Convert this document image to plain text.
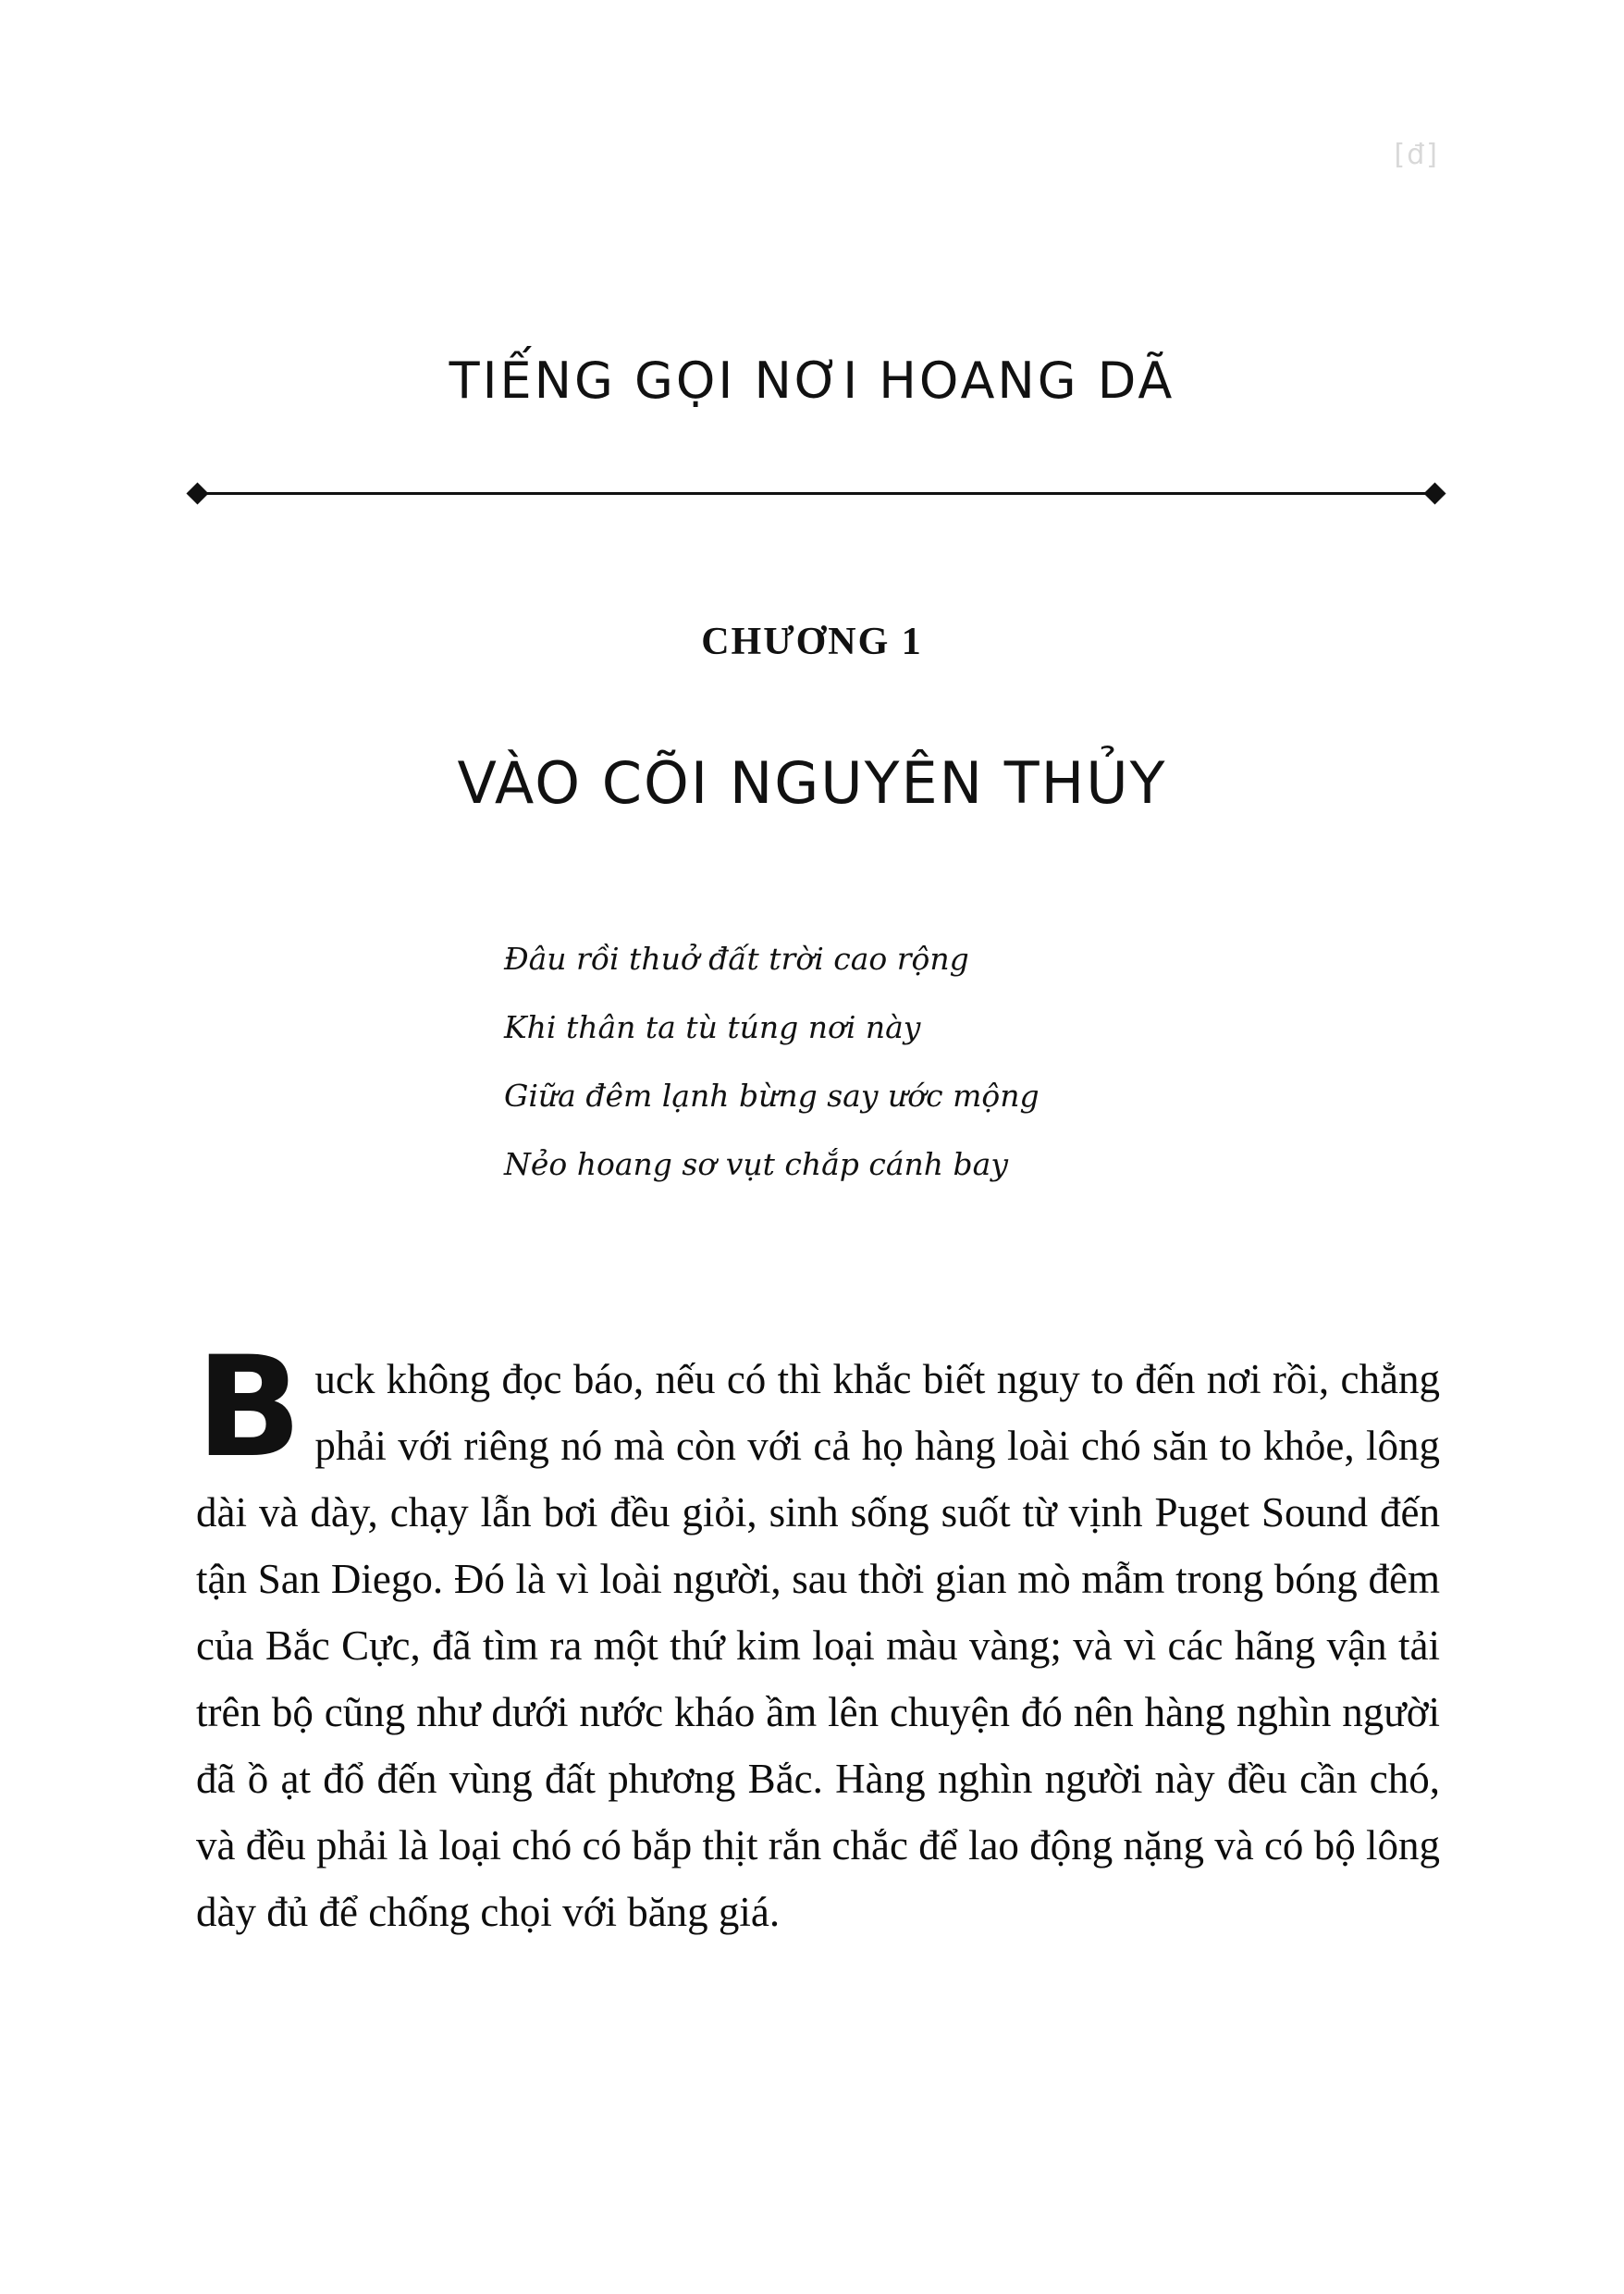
[đ]
TIẾNG GỌI NƠI HOANG DÃ
CHƯƠNG 1
VÀO CÕI NGUYÊN THỦY
Đâu rồi thuở đất trời cao rộng
Khi thân ta tù túng nơi này
Giữa đêm lạnh bừng say ước mộng
Nẻo hoang sơ vụt chắp cánh bay

Buck không đọc báo, nếu có thì khắc biết nguy to đến nơi rồi, chẳng phải với riêng nó mà còn với cả họ hàng loài chó săn to khỏe, lông dài và dày, chạy lẫn bơi đều giỏi, sinh sống suốt từ vịnh Puget Sound đến tận San Diego. Đó là vì loài người, sau thời gian mò mẫm trong bóng đêm của Bắc Cực, đã tìm ra một thứ kim loại màu vàng; và vì các hãng vận tải trên bộ cũng như dưới nước kháo ầm lên chuyện đó nên hàng nghìn người đã ồ ạt đổ đến vùng đất phương Bắc. Hàng nghìn người này đều cần chó, và đều phải là loại chó có bắp thịt rắn chắc để lao động nặng và có bộ lông dày đủ để chống chọi với băng giá.
